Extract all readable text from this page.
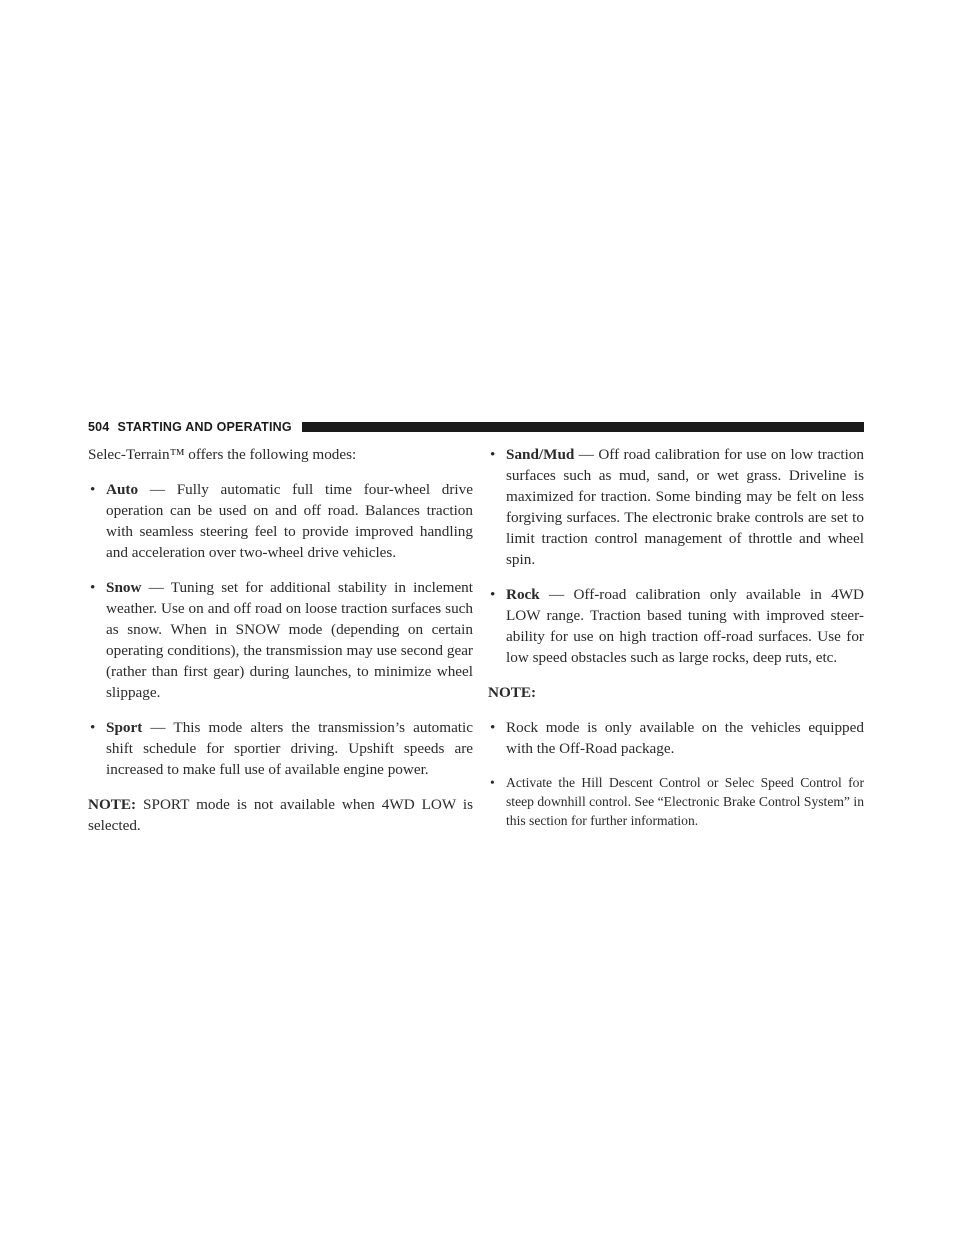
504 STARTING AND OPERATING

Selec-Terrain™ offers the following modes:

• Auto — Fully automatic full time four-wheel drive operation can be used on and off road. Balances traction with seamless steering feel to provide improved handling and acceleration over two-wheel drive vehicles.
• Snow — Tuning set for additional stability in inclement weather. Use on and off road on loose traction surfaces such as snow. When in SNOW mode (depending on certain operating conditions), the transmission may use second gear (rather than first gear) during launches, to minimize wheel slippage.
• Sport — This mode alters the transmission’s automatic shift schedule for sportier driving. Upshift speeds are increased to make full use of available engine power.

NOTE: SPORT mode is not available when 4WD LOW is selected.

• Sand/Mud — Off road calibration for use on low traction surfaces such as mud, sand, or wet grass. Driveline is maximized for traction. Some binding may be felt on less forgiving surfaces. The electronic brake controls are set to limit traction control management of throttle and wheel spin.
• Rock — Off-road calibration only available in 4WD LOW range. Traction based tuning with improved steer-ability for use on high traction off-road surfaces. Use for low speed obstacles such as large rocks, deep ruts, etc.

NOTE:

• Rock mode is only available on the vehicles equipped with the Off-Road package.
• Activate the Hill Descent Control or Selec Speed Control for steep downhill control. See “Electronic Brake Control System” in this section for further information.
